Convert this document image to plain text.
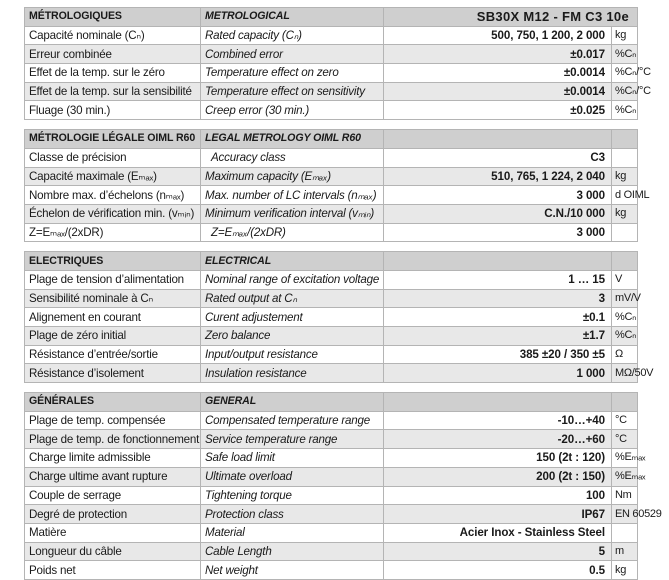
MÉTROLOGIQUES	METROLOGICAL	SB30X M12 - FM C3 10e	
Capacité nominale (Cₙ)	Rated capacity (Cₙ)	500, 750, 1 200, 2 000	kg
Erreur combinée	Combined error	±0.017	%Cₙ
Effet de la temp. sur le zéro	Temperature effect on zero	±0.0014	%Cₙ/°C
Effet de la temp. sur la sensibilité	Temperature effect on sensitivity	±0.0014	%Cₙ/°C
Fluage (30 min.)	Creep error (30 min.)	±0.025	%Cₙ

MÉTROLOGIE LÉGALE OIML R60	LEGAL METROLOGY OIML R60		
Classe de précision	Accuracy class	C3	
Capacité maximale (Eₘₐₓ)	Maximum capacity (Eₘₐₓ)	510, 765, 1 224, 2 040	kg
Nombre max. d’échelons (nₘₐₓ)	Max. number of LC intervals (nₘₐₓ)	3 000	d OIML
Échelon de vérification min. (vₘᵢₙ)	Minimum verification interval (vₘᵢₙ)	C.N./10 000	kg
Z=Eₘₐₓ/(2xDR)	Z=Eₘₐₓ/(2xDR)	3 000	

ELECTRIQUES	ELECTRICAL		
Plage de tension d’alimentation	Nominal range of excitation voltage	1 … 15	V
Sensibilité nominale à Cₙ	Rated output at Cₙ	3	mV/V
Alignement en courant	Curent adjustement	±0.1	%Cₙ
Plage de zéro initial	Zero balance	±1.7	%Cₙ
Résistance d’entrée/sortie	Input/output resistance	385 ±20 / 350 ±5	Ω
Résistance d’isolement	Insulation resistance	1 000	MΩ/50V

GÉNÉRALES	GENERAL		
Plage de temp. compensée	Compensated temperature range	-10…+40	°C
Plage de temp. de fonctionnement	Service temperature range	-20…+60	°C
Charge limite admissible	Safe load limit	150 (2t : 120)	%Eₘₐₓ
Charge ultime avant rupture	Ultimate overload	200 (2t : 150)	%Eₘₐₓ
Couple de serrage	Tightening torque	100	Nm
Degré de protection	Protection class	IP67	EN 60529
Matière	Material	Acier Inox - Stainless Steel	
Longueur du câble	Cable Length	5	m
Poids net	Net weight	0.5	kg
